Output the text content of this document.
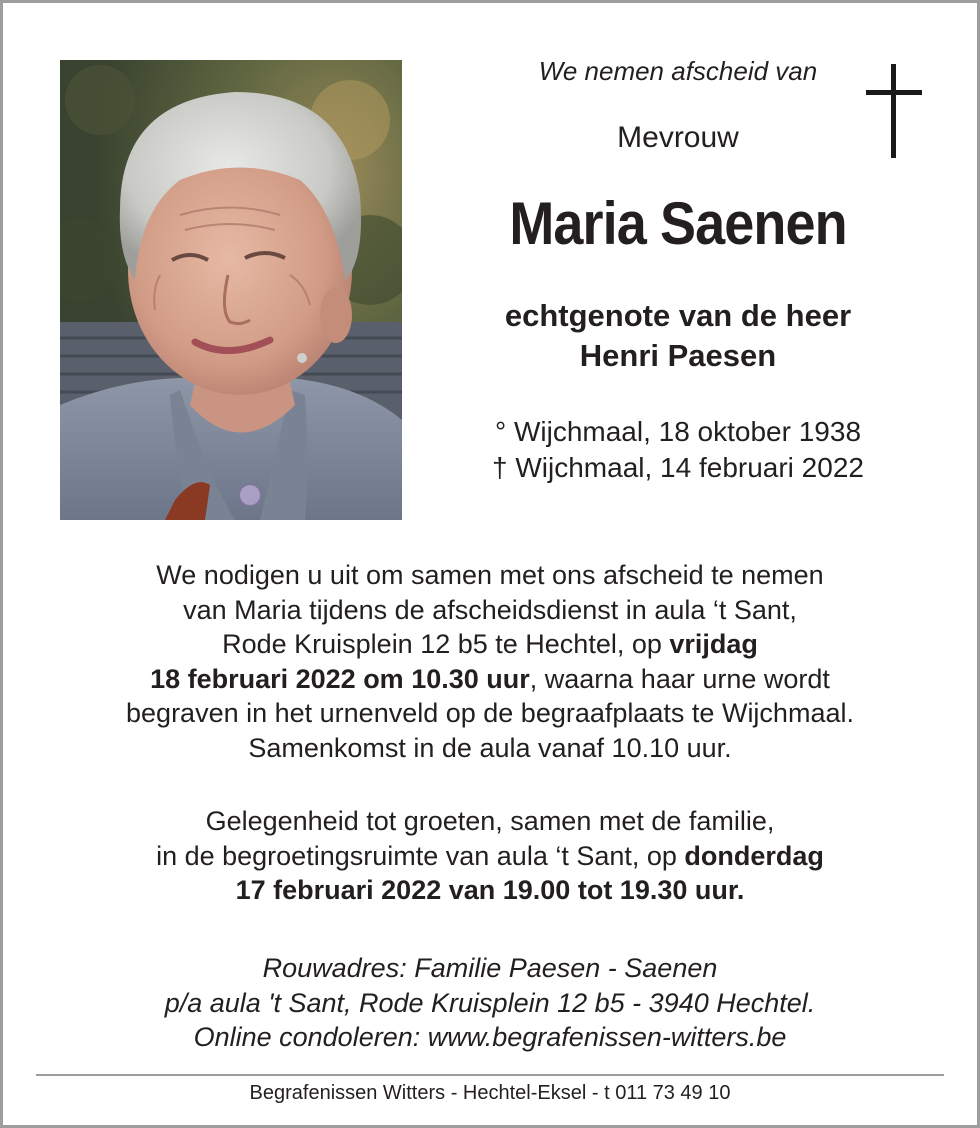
We nemen afscheid van
Mevrouw
Maria Saenen
echtgenote van de heer
Henri Paesen
° Wijchmaal, 18 oktober 1938
† Wijchmaal, 14 februari 2022
We nodigen u uit om samen met ons afscheid te nemen
van Maria tijdens de afscheidsdienst in aula ‘t Sant,
Rode Kruisplein 12 b5 te Hechtel, op vrijdag
18 februari 2022 om 10.30 uur, waarna haar urne wordt
begraven in het urnenveld op de begraafplaats te Wijchmaal.
Samenkomst in de aula vanaf 10.10 uur.
Gelegenheid tot groeten, samen met de familie,
in de begroetingsruimte van aula ‘t Sant, op donderdag
17 februari 2022 van 19.00 tot 19.30 uur.
Rouwadres: Familie Paesen - Saenen
p/a aula 't Sant, Rode Kruisplein 12 b5 - 3940 Hechtel.
Online condoleren: www.begrafenissen-witters.be
Begrafenissen Witters - Hechtel-Eksel - t 011 73 49 10
